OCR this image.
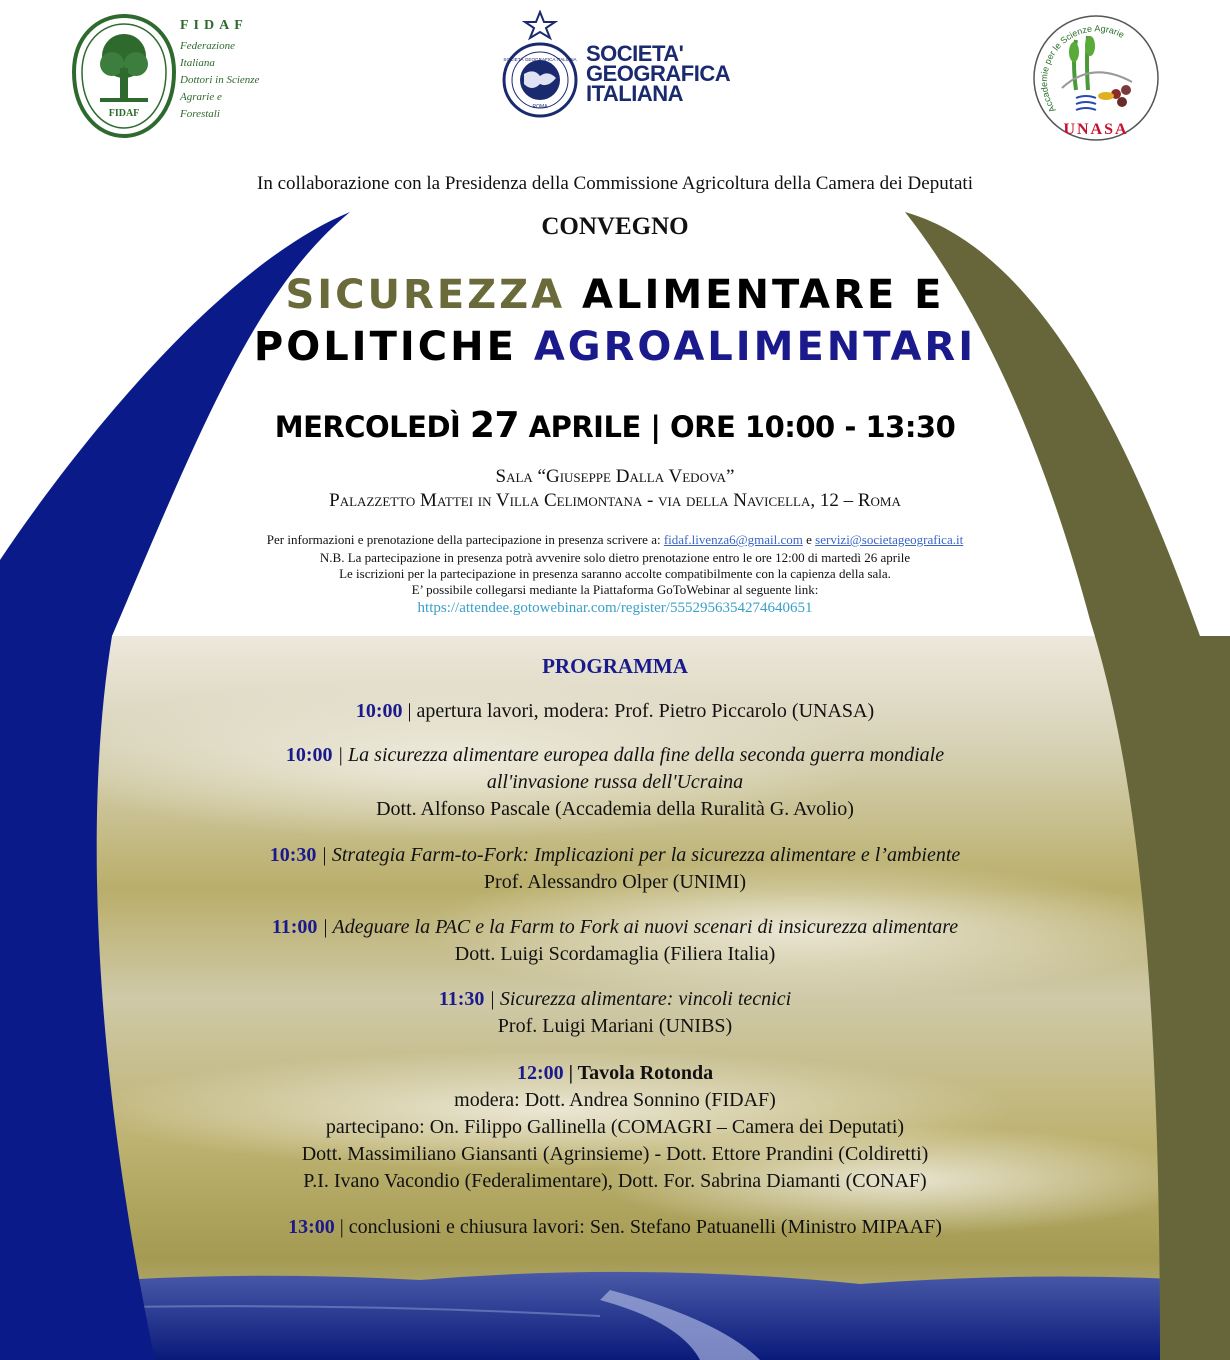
FIDAF
FIDAF
Federazione
Italiana
Dottori in Scienze
Agrarie e
Forestali
SOCIETÀ GEOGRAFICA ITALIANA
ROMA
SOCIETA'
GEOGRAFICA
ITALIANA
Accademie per le Scienze Agrarie
UNASA
In collaborazione con la Presidenza della Commissione Agricoltura della Camera dei Deputati
CONVEGNO
SICUREZZA ALIMENTARE E
POLITICHE AGROALIMENTARI
MERCOLEDÌ 27 APRILE | ORE 10:00 - 13:30
Sala “Giuseppe Dalla Vedova”
Palazzetto Mattei in Villa Celimontana - via della Navicella, 12 – Roma
Per informazioni e prenotazione della partecipazione in presenza scrivere a: fidaf.livenza6@gmail.com e servizi@societageografica.it
N.B. La partecipazione in presenza potrà avvenire solo dietro prenotazione entro le ore 12:00 di martedì 26 aprile
Le iscrizioni per la partecipazione in presenza saranno accolte compatibilmente con la capienza della sala.
E’ possibile collegarsi mediante la Piattaforma GoToWebinar al seguente link:
https://attendee.gotowebinar.com/register/5552956354274640651
PROGRAMMA
10:00 | apertura lavori, modera: Prof. Pietro Piccarolo (UNASA)
10:00 | La sicurezza alimentare europea dalla fine della seconda guerra mondiale
all'invasione russa dell'Ucraina
Dott. Alfonso Pascale (Accademia della Ruralità G. Avolio)
10:30 | Strategia Farm-to-Fork: Implicazioni per la sicurezza alimentare e l’ambiente
Prof. Alessandro Olper (UNIMI)
11:00 | Adeguare la PAC e la Farm to Fork ai nuovi scenari di insicurezza alimentare
Dott. Luigi Scordamaglia (Filiera Italia)
11:30 | Sicurezza alimentare: vincoli tecnici
Prof. Luigi Mariani (UNIBS)
12:00 | Tavola Rotonda
modera: Dott. Andrea Sonnino (FIDAF)
partecipano: On. Filippo Gallinella (COMAGRI – Camera dei Deputati)
Dott. Massimiliano Giansanti (Agrinsieme) - Dott. Ettore Prandini (Coldiretti)
P.I. Ivano Vacondio (Federalimentare), Dott. For. Sabrina Diamanti (CONAF)
13:00 | conclusioni e chiusura lavori: Sen. Stefano Patuanelli (Ministro MIPAAF)
